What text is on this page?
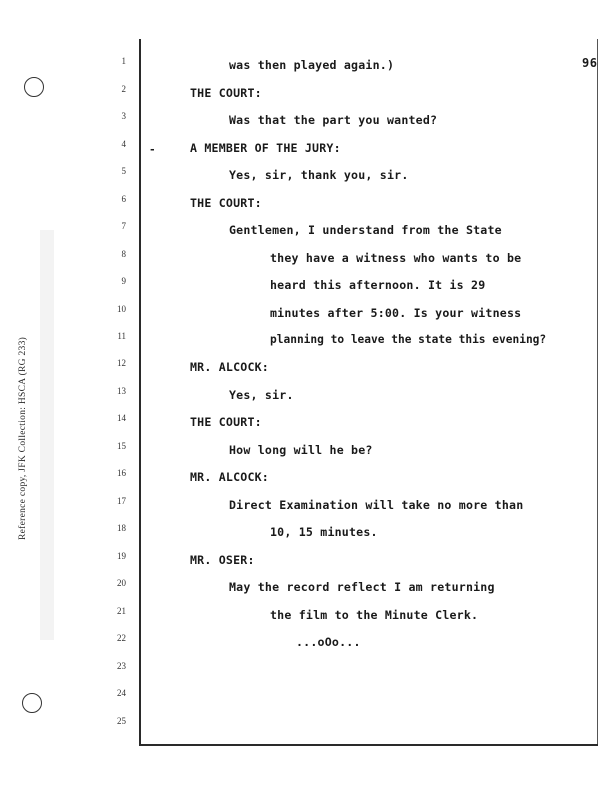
Reference copy, JFK Collection: HSCA (RG 233)
96
-
1
2
3
4
5
6
7
8
9
10
11
12
13
14
15
16
17
18
19
20
21
22
23
24
25
was then played again.)
THE COURT:
Was that the part you wanted?
A MEMBER OF THE JURY:
Yes, sir, thank you, sir.
THE COURT:
Gentlemen, I understand from the State
they have a witness who wants to be
heard this afternoon. It is 29
minutes after 5:00. Is your witness
planning to leave the state this evening?
MR. ALCOCK:
Yes, sir.
THE COURT:
How long will he be?
MR. ALCOCK:
Direct Examination will take no more than
10, 15 minutes.
MR. OSER:
May the record reflect I am returning
the film to the Minute Clerk.
...oOo...
